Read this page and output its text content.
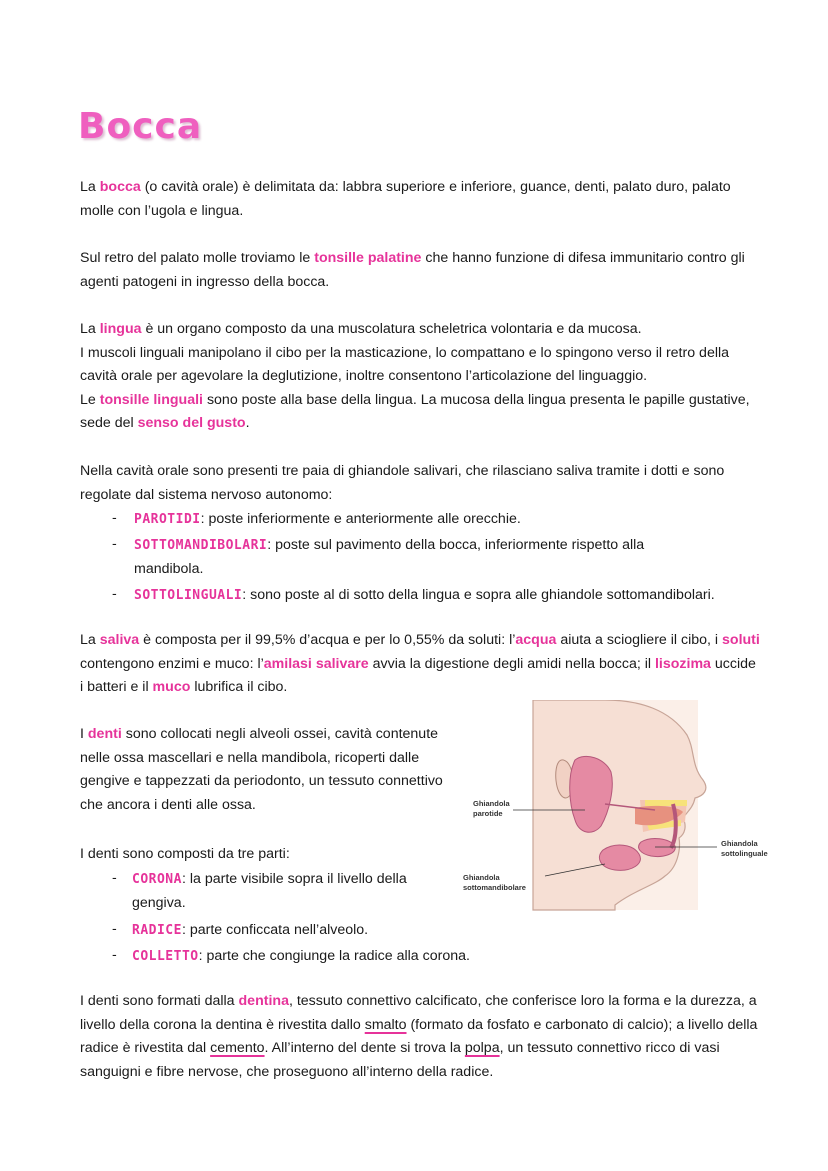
Bocca
La bocca (o cavità orale) è delimitata da: labbra superiore e inferiore, guance, denti, palato duro, palato molle con l’ugola e lingua.
Sul retro del palato molle troviamo le tonsille palatine che hanno funzione di difesa immunitario contro gli agenti patogeni in ingresso della bocca.
La lingua è un organo composto da una muscolatura scheletrica volontaria e da mucosa.
I muscoli linguali manipolano il cibo per la masticazione, lo compattano e lo spingono verso il retro della cavità orale per agevolare la deglutizione, inoltre consentono l’articolazione del linguaggio.
Le tonsille linguali sono poste alla base della lingua. La mucosa della lingua presenta le papille gustative, sede del senso del gusto.
Nella cavità orale sono presenti tre paia di ghiandole salivari, che rilasciano saliva tramite i dotti e sono regolate dal sistema nervoso autonomo:
- PAROTIDI: poste inferiormente e anteriormente alle orecchie.
- SOTTOMANDIBOLARI: poste sul pavimento della bocca, inferiormente rispetto alla mandibola.
- SOTTOLINGUALI: sono poste al di sotto della lingua e sopra alle ghiandole sottomandibolari.
La saliva è composta per il 99,5% d’acqua e per lo 0,55% da soluti: l’acqua aiuta a sciogliere il cibo, i soluti contengono enzimi e muco: l’amilasi salivare avvia la digestione degli amidi nella bocca; il lisozima uccide i batteri e il muco lubrifica il cibo.
I denti sono collocati negli alveoli ossei, cavità contenute nelle ossa mascellari e nella mandibola, ricoperti dalle gengive e tappezzati da periodonto, un tessuto connettivo che ancora i denti alle ossa.
I denti sono composti da tre parti:
- CORONA: la parte visibile sopra il livello della gengiva.
- RADICE: parte conficcata nell’alveolo.
- COLLETTO: parte che congiunge la radice alla corona.
I denti sono formati dalla dentina, tessuto connettivo calcificato, che conferisce loro la forma e la durezza, a livello della corona la dentina è rivestita dallo smalto (formato da fosfato e carbonato di calcio); a livello della radice è rivestita dal cemento. All’interno del dente si trova la polpa, un tessuto connettivo ricco di vasi sanguigni e fibre nervose, che proseguono all’interno della radice.
Ghiandola
parotide
Ghiandola
sottomandibolare
Ghiandola
sottolinguale
